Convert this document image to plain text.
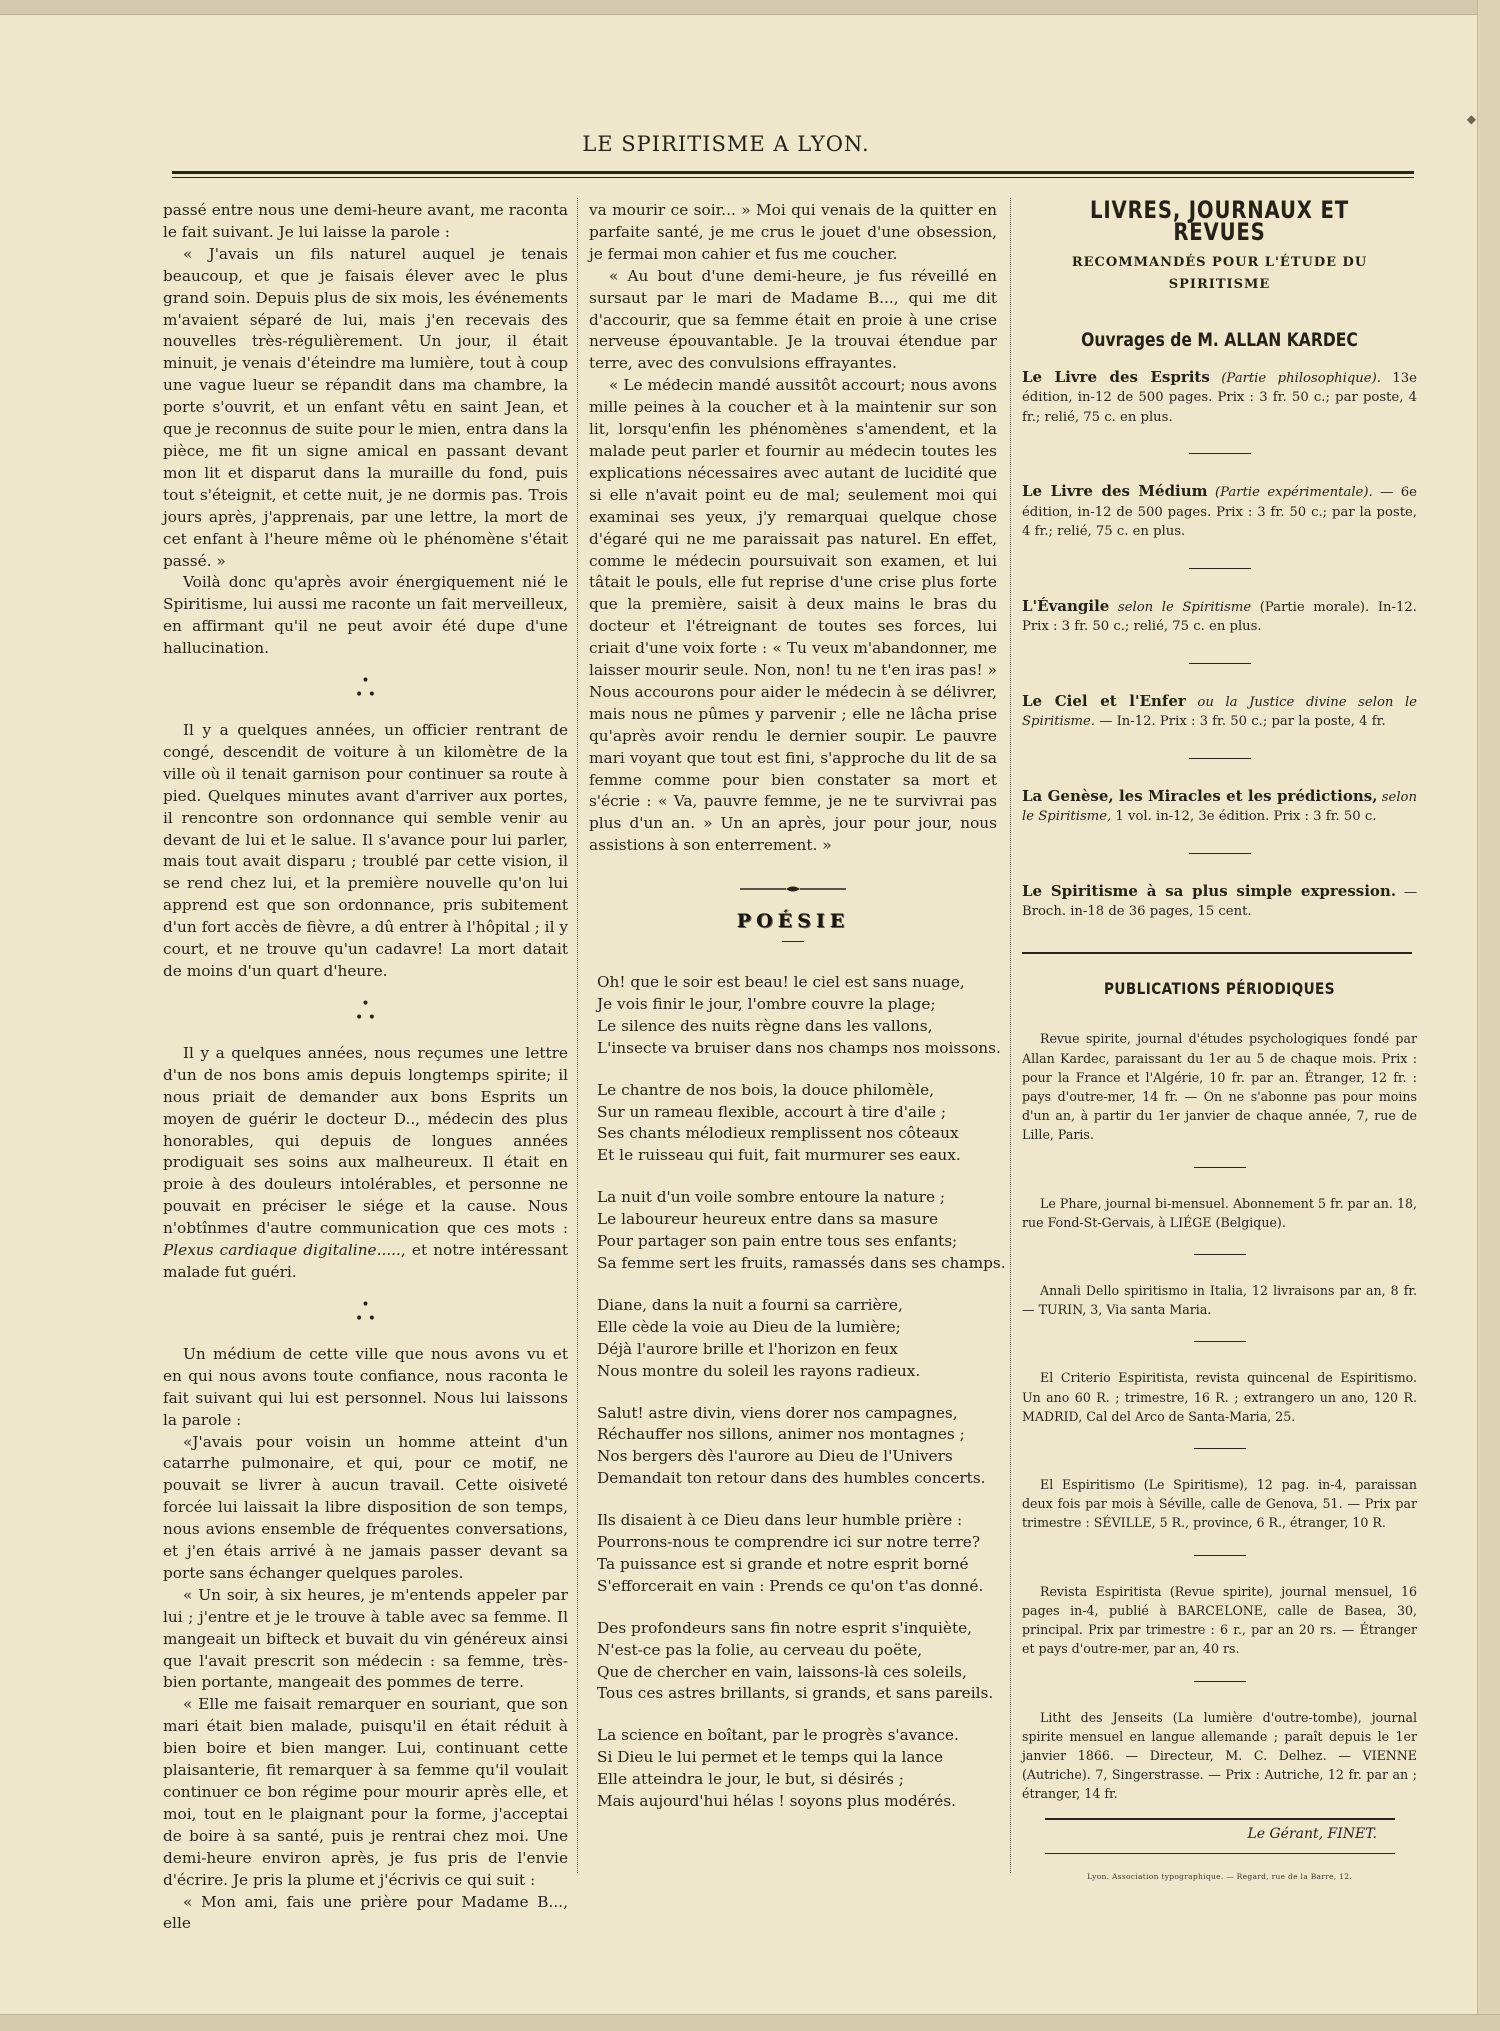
◆
LE SPIRITISME A LYON.

passé entre nous une demi-heure avant, me raconta le fait suivant. Je lui laisse la parole :

« J'avais un fils naturel auquel je tenais beaucoup, et que je faisais élever avec le plus grand soin. Depuis plus de six mois, les événements m'avaient séparé de lui, mais j'en recevais des nouvelles très-régulièrement. Un jour, il était minuit, je venais d'éteindre ma lumière, tout à coup une vague lueur se répandit dans ma chambre, la porte s'ouvrit, et un enfant vêtu en saint Jean, et que je reconnus de suite pour le mien, entra dans la pièce, me fit un signe amical en passant devant mon lit et disparut dans la muraille du fond, puis tout s'éteignit, et cette nuit, je ne dormis pas. Trois jours après, j'apprenais, par une lettre, la mort de cet enfant à l'heure même où le phénomène s'était passé. »

Voilà donc qu'après avoir énergiquement nié le Spiritisme, lui aussi me raconte un fait merveilleux, en affirmant qu'il ne peut avoir été dupe d'une hallucination.

•
• •

Il y a quelques années, un officier rentrant de congé, descendit de voiture à un kilomètre de la ville où il tenait garnison pour continuer sa route à pied. Quelques minutes avant d'arriver aux portes, il rencontre son ordonnance qui semble venir au devant de lui et le salue. Il s'avance pour lui parler, mais tout avait disparu ; troublé par cette vision, il se rend chez lui, et la première nouvelle qu'on lui apprend est que son ordonnance, pris subitement d'un fort accès de fièvre, a dû entrer à l'hôpital ; il y court, et ne trouve qu'un cadavre! La mort datait de moins d'un quart d'heure.

•
• •

Il y a quelques années, nous reçumes une lettre d'un de nos bons amis depuis longtemps spirite; il nous priait de demander aux bons Esprits un moyen de guérir le docteur D.., médecin des plus honorables, qui depuis de longues années prodiguait ses soins aux malheureux. Il était en proie à des douleurs intolérables, et personne ne pouvait en préciser le siége et la cause. Nous n'obtînmes d'autre communication que ces mots : Plexus cardiaque digitaline....., et notre intéressant malade fut guéri.

•
• •

Un médium de cette ville que nous avons vu et en qui nous avons toute confiance, nous raconta le fait suivant qui lui est personnel. Nous lui laissons la parole :

«J'avais pour voisin un homme atteint d'un catarrhe pulmonaire, et qui, pour ce motif, ne pouvait se livrer à aucun travail. Cette oisiveté forcée lui laissait la libre disposition de son temps, nous avions ensemble de fréquentes conversations, et j'en étais arrivé à ne jamais passer devant sa porte sans échanger quelques paroles.

« Un soir, à six heures, je m'entends appeler par lui ; j'entre et je le trouve à table avec sa femme. Il mangeait un bifteck et buvait du vin généreux ainsi que l'avait prescrit son médecin : sa femme, très-bien portante, mangeait des pommes de terre.

« Elle me faisait remarquer en souriant, que son mari était bien malade, puisqu'il en était réduit à bien boire et bien manger. Lui, continuant cette plaisanterie, fit remarquer à sa femme qu'il voulait continuer ce bon régime pour mourir après elle, et moi, tout en le plaignant pour la forme, j'acceptai de boire à sa santé, puis je rentrai chez moi. Une demi-heure environ après, je fus pris de l'envie d'écrire. Je pris la plume et j'écrivis ce qui suit :

« Mon ami, fais une prière pour Madame B..., elle

va mourir ce soir... » Moi qui venais de la quitter en parfaite santé, je me crus le jouet d'une obsession, je fermai mon cahier et fus me coucher.

« Au bout d'une demi-heure, je fus réveillé en sursaut par le mari de Madame B..., qui me dit d'accourir, que sa femme était en proie à une crise nerveuse épouvantable. Je la trouvai étendue par terre, avec des convulsions effrayantes.

« Le médecin mandé aussitôt accourt; nous avons mille peines à la coucher et à la maintenir sur son lit, lorsqu'enfin les phénomènes s'amendent, et la malade peut parler et fournir au médecin toutes les explications nécessaires avec autant de lucidité que si elle n'avait point eu de mal; seulement moi qui examinai ses yeux, j'y remarquai quelque chose d'égaré qui ne me paraissait pas naturel. En effet, comme le médecin poursuivait son examen, et lui tâtait le pouls, elle fut reprise d'une crise plus forte que la première, saisit à deux mains le bras du docteur et l'étreignant de toutes ses forces, lui criait d'une voix forte : « Tu veux m'abandonner, me laisser mourir seule. Non, non! tu ne t'en iras pas! » Nous accourons pour aider le médecin à se délivrer, mais nous ne pûmes y parvenir ; elle ne lâcha prise qu'après avoir rendu le dernier soupir. Le pauvre mari voyant que tout est fini, s'approche du lit de sa femme comme pour bien constater sa mort et s'écrie : « Va, pauvre femme, je ne te survivrai pas plus d'un an. » Un an après, jour pour jour, nous assistions à son enterrement. »

POÉSIE
Oh! que le soir est beau! le ciel est sans nuage,
Je vois finir le jour, l'ombre couvre la plage;
Le silence des nuits règne dans les vallons,
L'insecte va bruiser dans nos champs nos moissons.
Le chantre de nos bois, la douce philomèle,
Sur un rameau flexible, accourt à tire d'aile ;
Ses chants mélodieux remplissent nos côteaux
Et le ruisseau qui fuit, fait murmurer ses eaux.
La nuit d'un voile sombre entoure la nature ;
Le laboureur heureux entre dans sa masure
Pour partager son pain entre tous ses enfants;
Sa femme sert les fruits, ramassés dans ses champs.
Diane, dans la nuit a fourni sa carrière,
Elle cède la voie au Dieu de la lumière;
Déjà l'aurore brille et l'horizon en feux
Nous montre du soleil les rayons radieux.
Salut! astre divin, viens dorer nos campagnes,
Réchauffer nos sillons, animer nos montagnes ;
Nos bergers dès l'aurore au Dieu de l'Univers
Demandait ton retour dans des humbles concerts.
Ils disaient à ce Dieu dans leur humble prière :
Pourrons-nous te comprendre ici sur notre terre?
Ta puissance est si grande et notre esprit borné
S'efforcerait en vain : Prends ce qu'on t'as donné.
Des profondeurs sans fin notre esprit s'inquiète,
N'est-ce pas la folie, au cerveau du poëte,
Que de chercher en vain, laissons-là ces soleils,
Tous ces astres brillants, si grands, et sans pareils.
La science en boîtant, par le progrès s'avance.
Si Dieu le lui permet et le temps qui la lance
Elle atteindra le jour, le but, si désirés ;
Mais aujourd'hui hélas ! soyons plus modérés.
LIVRES, JOURNAUX ET REVUES
RECOMMANDÉS POUR L'ÉTUDE DU SPIRITISME
Ouvrages de M. ALLAN KARDEC
Le Livre des Esprits (Partie philosophique). 13e édition, in-12 de 500 pages. Prix : 3 fr. 50 c.; par poste, 4 fr.; relié, 75 c. en plus.
Le Livre des Médium (Partie expérimentale). — 6e édition, in-12 de 500 pages. Prix : 3 fr. 50 c.; par la poste, 4 fr.; relié, 75 c. en plus.
L'Évangile selon le Spiritisme (Partie morale). In-12. Prix : 3 fr. 50 c.; relié, 75 c. en plus.
Le Ciel et l'Enfer ou la Justice divine selon le Spiritisme. — In-12. Prix : 3 fr. 50 c.; par la poste, 4 fr.
La Genèse, les Miracles et les prédictions, selon le Spiritisme, 1 vol. in-12, 3e édition. Prix : 3 fr. 50 c.
Le Spiritisme à sa plus simple expression. — Broch. in-18 de 36 pages, 15 cent.
PUBLICATIONS PÉRIODIQUES
Revue spirite, journal d'études psychologiques fondé par Allan Kardec, paraissant du 1er au 5 de chaque mois. Prix : pour la France et l'Algérie, 10 fr. par an. Étranger, 12 fr. : pays d'outre-mer, 14 fr. — On ne s'abonne pas pour moins d'un an, à partir du 1er janvier de chaque année, 7, rue de Lille, Paris.
Le Phare, journal bi-mensuel. Abonnement 5 fr. par an. 18, rue Fond-St-Gervais, à LIÉGE (Belgique).
Annali Dello spiritismo in Italia, 12 livraisons par an, 8 fr. — TURIN, 3, Via santa Maria.
El Criterio Espiritista, revista quincenal de Espiritismo. Un ano 60 R. ; trimestre, 16 R. ; extrangero un ano, 120 R. MADRID, Cal del Arco de Santa-Maria, 25.
El Espiritismo (Le Spiritisme), 12 pag. in-4, paraissan deux fois par mois à Séville, calle de Genova, 51. — Prix par trimestre : SÉVILLE, 5 R., province, 6 R., étranger, 10 R.
Revista Espiritista (Revue spirite), journal mensuel, 16 pages in-4, publié à BARCELONE, calle de Basea, 30, principal. Prix par trimestre : 6 r., par an 20 rs. — Étranger et pays d'outre-mer, par an, 40 rs.
Litht des Jenseits (La lumière d'outre-tombe), journal spirite mensuel en langue allemande ; paraît depuis le 1er janvier 1866. — Directeur, M. C. Delhez. — VIENNE (Autriche). 7, Singerstrasse. — Prix : Autriche, 12 fr. par an ; étranger, 14 fr.
Le Gérant, FINET.
Lyon. Association typographique. — Regard, rue de la Barre, 12.
